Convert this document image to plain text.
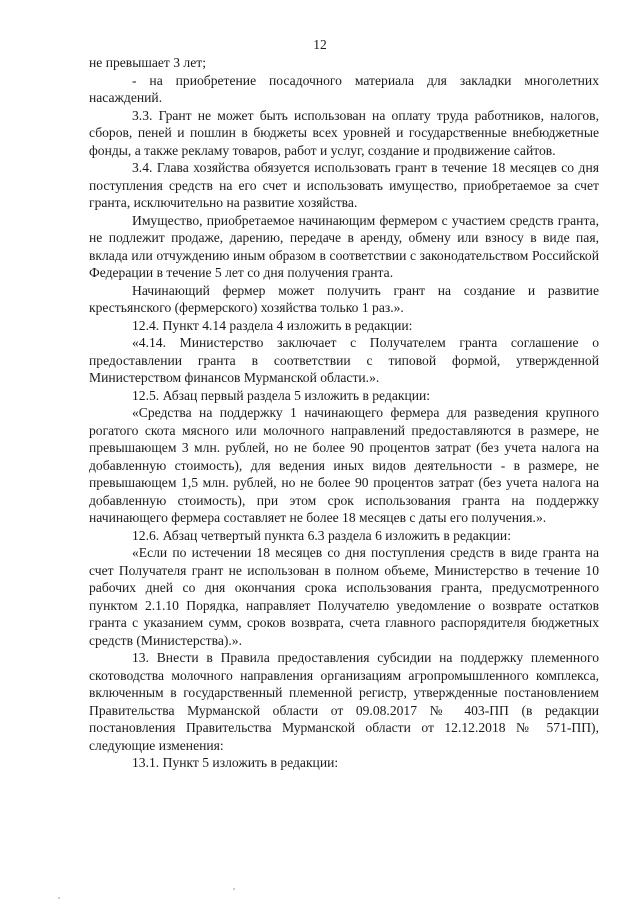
12

не превышает 3 лет;

- на приобретение посадочного материала для закладки многолетних насаждений.

3.3. Грант не может быть использован на оплату труда работников, налогов, сборов, пеней и пошлин в бюджеты всех уровней и государственные внебюджетные фонды, а также рекламу товаров, работ и услуг, создание и продвижение сайтов.

3.4. Глава хозяйства обязуется использовать грант в течение 18 месяцев со дня поступления средств на его счет и использовать имущество, приобретаемое за счет гранта, исключительно на развитие хозяйства.

Имущество, приобретаемое начинающим фермером с участием средств гранта, не подлежит продаже, дарению, передаче в аренду, обмену или взносу в виде пая, вклада или отчуждению иным образом в соответствии с законодательством Российской Федерации в течение 5 лет со дня получения гранта.

Начинающий фермер может получить грант на создание и развитие крестьянского (фермерского) хозяйства только 1 раз.».

12.4. Пункт 4.14 раздела 4 изложить в редакции:

«4.14. Министерство заключает с Получателем гранта соглашение о предоставлении гранта в соответствии с типовой формой, утвержденной Министерством финансов Мурманской области.».

12.5. Абзац первый раздела 5 изложить в редакции:

«Средства на поддержку 1 начинающего фермера для разведения крупного рогатого скота мясного или молочного направлений предоставляются в размере, не превышающем 3 млн. рублей, но не более 90 процентов затрат (без учета налога на добавленную стоимость), для ведения иных видов деятельности - в размере, не превышающем 1,5 млн. рублей, но не более 90 процентов затрат (без учета налога на добавленную стоимость), при этом срок использования гранта на поддержку начинающего фермера составляет не более 18 месяцев с даты его получения.».

12.6. Абзац четвертый пункта 6.3 раздела 6 изложить в редакции:

«Если по истечении 18 месяцев со дня поступления средств в виде гранта на счет Получателя грант не использован в полном объеме, Министерство в течение 10 рабочих дней со дня окончания срока использования гранта, предусмотренного пунктом 2.1.10 Порядка, направляет Получателю уведомление о возврате остатков гранта с указанием сумм, сроков возврата, счета главного распорядителя бюджетных средств (Министерства).».

13. Внести в Правила предоставления субсидии на поддержку племенного скотоводства молочного направления организациям агропромышленного комплекса, включенным в государственный племенной регистр, утвержденные постановлением Правительства Мурманской области от 09.08.2017 № 403-ПП (в редакции постановления Правительства Мурманской области от 12.12.2018 № 571-ПП), следующие изменения:

13.1. Пункт 5 изложить в редакции:
